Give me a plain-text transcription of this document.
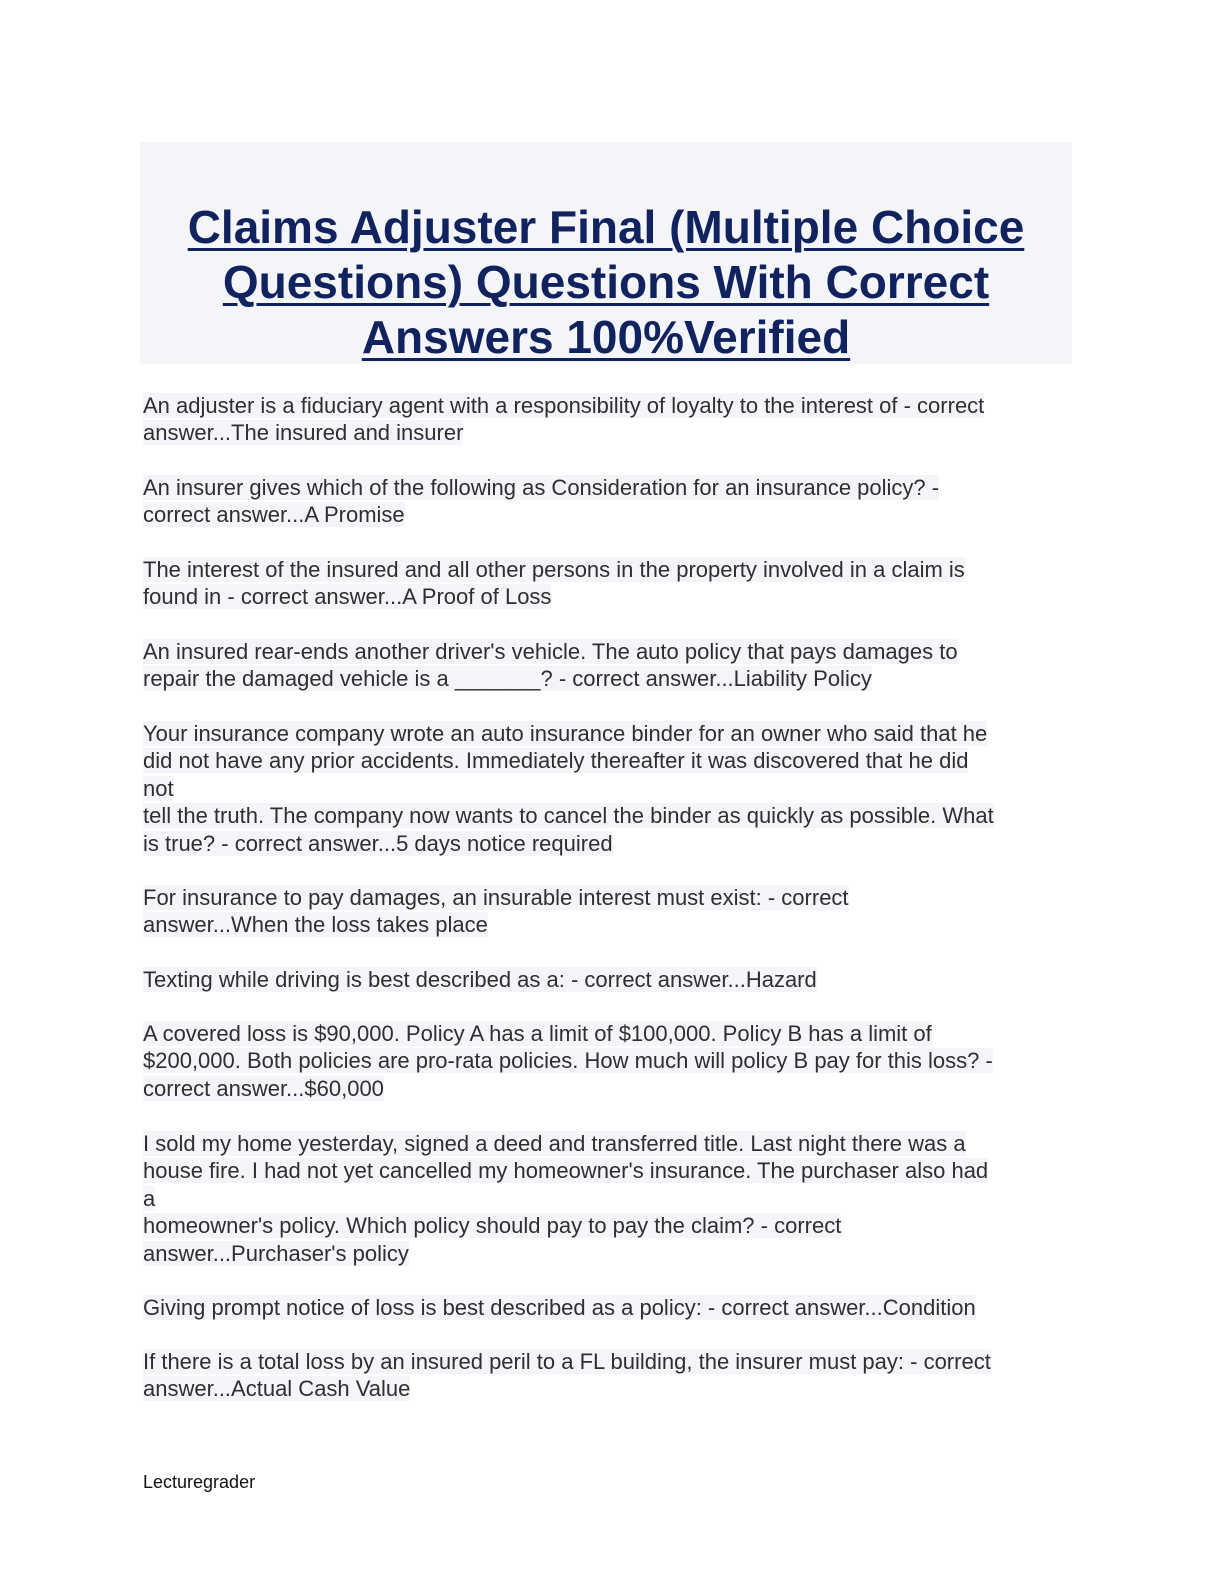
Claims Adjuster Final (Multiple Choice
Questions) Questions With Correct
Answers 100%Verified

An adjuster is a fiduciary agent with a responsibility of loyalty to the interest of - correct
answer...The insured and insurer

An insurer gives which of the following as Consideration for an insurance policy? -
correct answer...A Promise

The interest of the insured and all other persons in the property involved in a claim is
found in - correct answer...A Proof of Loss

An insured rear-ends another driver's vehicle. The auto policy that pays damages to
repair the damaged vehicle is a _______? - correct answer...Liability Policy

Your insurance company wrote an auto insurance binder for an owner who said that he
did not have any prior accidents. Immediately thereafter it was discovered that he did
not
tell the truth. The company now wants to cancel the binder as quickly as possible. What
is true? - correct answer...5 days notice required

For insurance to pay damages, an insurable interest must exist: - correct
answer...When the loss takes place

Texting while driving is best described as a: - correct answer...Hazard

A covered loss is $90,000. Policy A has a limit of $100,000. Policy B has a limit of
$200,000. Both policies are pro-rata policies. How much will policy B pay for this loss? -
correct answer...$60,000

I sold my home yesterday, signed a deed and transferred title. Last night there was a
house fire. I had not yet cancelled my homeowner's insurance. The purchaser also had
a
homeowner's policy. Which policy should pay to pay the claim? - correct
answer...Purchaser's policy

Giving prompt notice of loss is best described as a policy: - correct answer...Condition

If there is a total loss by an insured peril to a FL building, the insurer must pay: - correct
answer...Actual Cash Value

Lecturegrader
